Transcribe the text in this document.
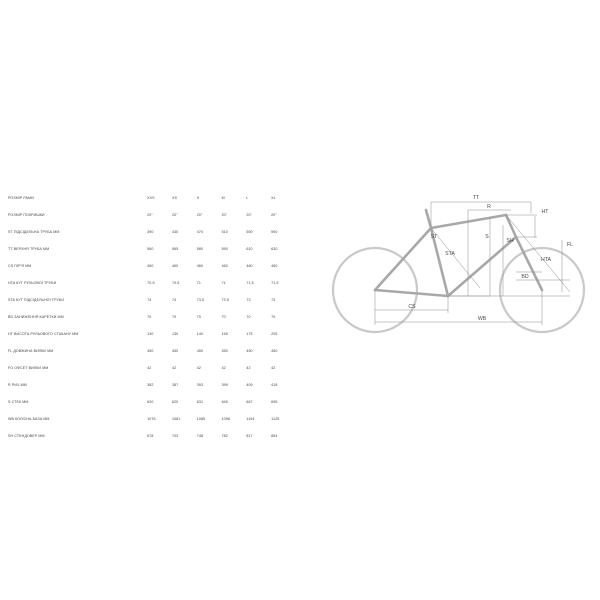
РОЗМІР РАМИ	XXS	XS	S	M	L	XL
РОЗМІР ПОКРИШКИ	20"	20"	20"	20"	20"	20"
ST ПІДСІДЕЛЬНА ТРУБА ММ	390	430	470	510	550	590
TT ВЕРХНЯ ТРУБА ММ	560	565	580	590	610	630
CS ПІР'Я ММ	460	460	460	460	460	460
HTA КУТ РУЛЬОВОЇ ТРУБИ	70.5	70.5	71	71	71.5	71.5
STA КУТ ПІДСІДЕЛЬНОЇ ТРУБИ	74	74	73.5	73.5	73	73
BD ЗАНИЖЕННЯ КАРЕТКИ ММ	70	70	70	70	70	70
HT ВИСОТА РУЛЬОВОГО СТАКАНУ ММ	130	130	140	155	175	205
FL ДОВЖИНА ВИЛКИ ММ	450	450	450	450	450	450
FO ОФСЕТ ВИЛКИ ММ	42	42	42	42	42	42
R РИЧ ММ	382	387	393	399	409	418
S СТЕК ММ	620	620	631	645	667	695
WB КОЛІСНА БАЗА ММ	1076	1081	1085	1096	1104	1125
SH СТЕНДОВЕР ММ	678	703	748	782	817	854
TT
R
HT
ST	S
SH
FL
STA
HTA
BD
CS
WB
